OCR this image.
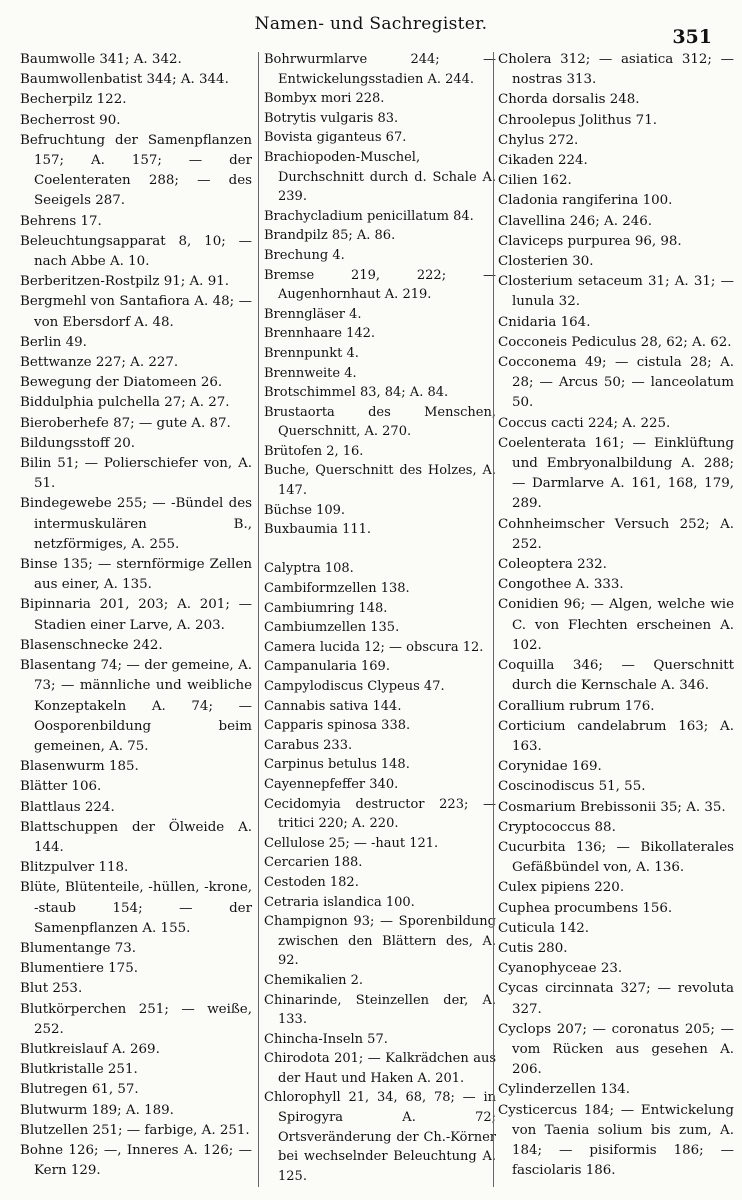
Namen- und Sachregister.
351
Baumwolle 341; A. 342.
Baumwollenbatist 344; A. 344.
Becherpilz 122.
Becherrost 90.
Befruchtung der Samenpflanzen 157; A. 157; — der Coelenteraten 288; — des Seeigels 287.
Behrens 17.
Beleuchtungsapparat 8, 10; — nach Abbe A. 10.
Berberitzen-Rostpilz 91; A. 91.
Bergmehl von Santafiora A. 48; — von Ebersdorf A. 48.
Berlin 49.
Bettwanze 227; A. 227.
Bewegung der Diatomeen 26.
Biddulphia pulchella 27; A. 27.
Bieroberhefe 87; — gute A. 87.
Bildungsstoff 20.
Bilin 51; — Polierschiefer von, A. 51.
Bindegewebe 255; — -Bündel des intermuskulären B., netzförmiges, A. 255.
Binse 135; — sternförmige Zellen aus einer, A. 135.
Bipinnaria 201, 203; A. 201; — Stadien einer Larve, A. 203.
Blasenschnecke 242.
Blasentang 74; — der gemeine, A. 73; — männliche und weibliche Konzeptakeln A. 74; — Oosporenbildung beim gemeinen, A. 75.
Blasenwurm 185.
Blätter 106.
Blattlaus 224.
Blattschuppen der Ölweide A. 144.
Blitzpulver 118.
Blüte, Blütenteile, -hüllen, -krone, -staub 154; — der Samenpflanzen A. 155.
Blumentange 73.
Blumentiere 175.
Blut 253.
Blutkörperchen 251; — weiße, 252.
Blutkreislauf A. 269.
Blutkristalle 251.
Blutregen 61, 57.
Blutwurm 189; A. 189.
Blutzellen 251; — farbige, A. 251.
Bohne 126; —, Inneres A. 126; — Kern 129.
Bohrwurmlarve 244; — Entwickelungsstadien A. 244.
Bombyx mori 228.
Botrytis vulgaris 83.
Bovista giganteus 67.
Brachiopoden-Muschel, Durchschnitt durch d. Schale A. 239.
Brachycladium penicillatum 84.
Brandpilz 85; A. 86.
Brechung 4.
Bremse 219, 222; — Augenhornhaut A. 219.
Brenngläser 4.
Brennhaare 142.
Brennpunkt 4.
Brennweite 4.
Brotschimmel 83, 84; A. 84.
Brustaorta des Menschen, Querschnitt, A. 270.
Brütofen 2, 16.
Buche, Querschnitt des Holzes, A. 147.
Büchse 109.
Buxbaumia 111.
Calyptra 108.
Cambiformzellen 138.
Cambiumring 148.
Cambiumzellen 135.
Camera lucida 12; — obscura 12.
Campanularia 169.
Campylodiscus Clypeus 47.
Cannabis sativa 144.
Capparis spinosa 338.
Carabus 233.
Carpinus betulus 148.
Cayennepfeffer 340.
Cecidomyia destructor 223; — tritici 220; A. 220.
Cellulose 25; — -haut 121.
Cercarien 188.
Cestoden 182.
Cetraria islandica 100.
Champignon 93; — Sporenbildung zwischen den Blättern des, A. 92.
Chemikalien 2.
Chinarinde, Steinzellen der, A. 133.
Chincha-Inseln 57.
Chirodota 201; — Kalkrädchen aus der Haut und Haken A. 201.
Chlorophyll 21, 34, 68, 78; — in Spirogyra A. 72; Ortsveränderung der Ch.-Körner bei wechselnder Beleuchtung A. 125.
Cholera 312; — asiatica 312; — nostras 313.
Chorda dorsalis 248.
Chroolepus Jolithus 71.
Chylus 272.
Cikaden 224.
Cilien 162.
Cladonia rangiferina 100.
Clavellina 246; A. 246.
Claviceps purpurea 96, 98.
Closterien 30.
Closterium setaceum 31; A. 31; — lunula 32.
Cnidaria 164.
Cocconeis Pediculus 28, 62; A. 62.
Cocconema 49; — cistula 28; A. 28; — Arcus 50; — lanceolatum 50.
Coccus cacti 224; A. 225.
Coelenterata 161; — Einklüftung und Embryonalbildung A. 288; — Darmlarve A. 161, 168, 179, 289.
Cohnheimscher Versuch 252; A. 252.
Coleoptera 232.
Congothee A. 333.
Conidien 96; — Algen, welche wie C. von Flechten erscheinen A. 102.
Coquilla 346; — Querschnitt durch die Kernschale A. 346.
Corallium rubrum 176.
Corticium candelabrum 163; A. 163.
Corynidae 169.
Coscinodiscus 51, 55.
Cosmarium Brebissonii 35; A. 35.
Cryptococcus 88.
Cucurbita 136; — Bikollaterales Gefäßbündel von, A. 136.
Culex pipiens 220.
Cuphea procumbens 156.
Cuticula 142.
Cutis 280.
Cyanophyceae 23.
Cycas circinnata 327; — revoluta 327.
Cyclops 207; — coronatus 205; — vom Rücken aus gesehen A. 206.
Cylinderzellen 134.
Cysticercus 184; — Entwickelung von Taenia solium bis zum, A. 184; — pisiformis 186; — fasciolaris 186.
